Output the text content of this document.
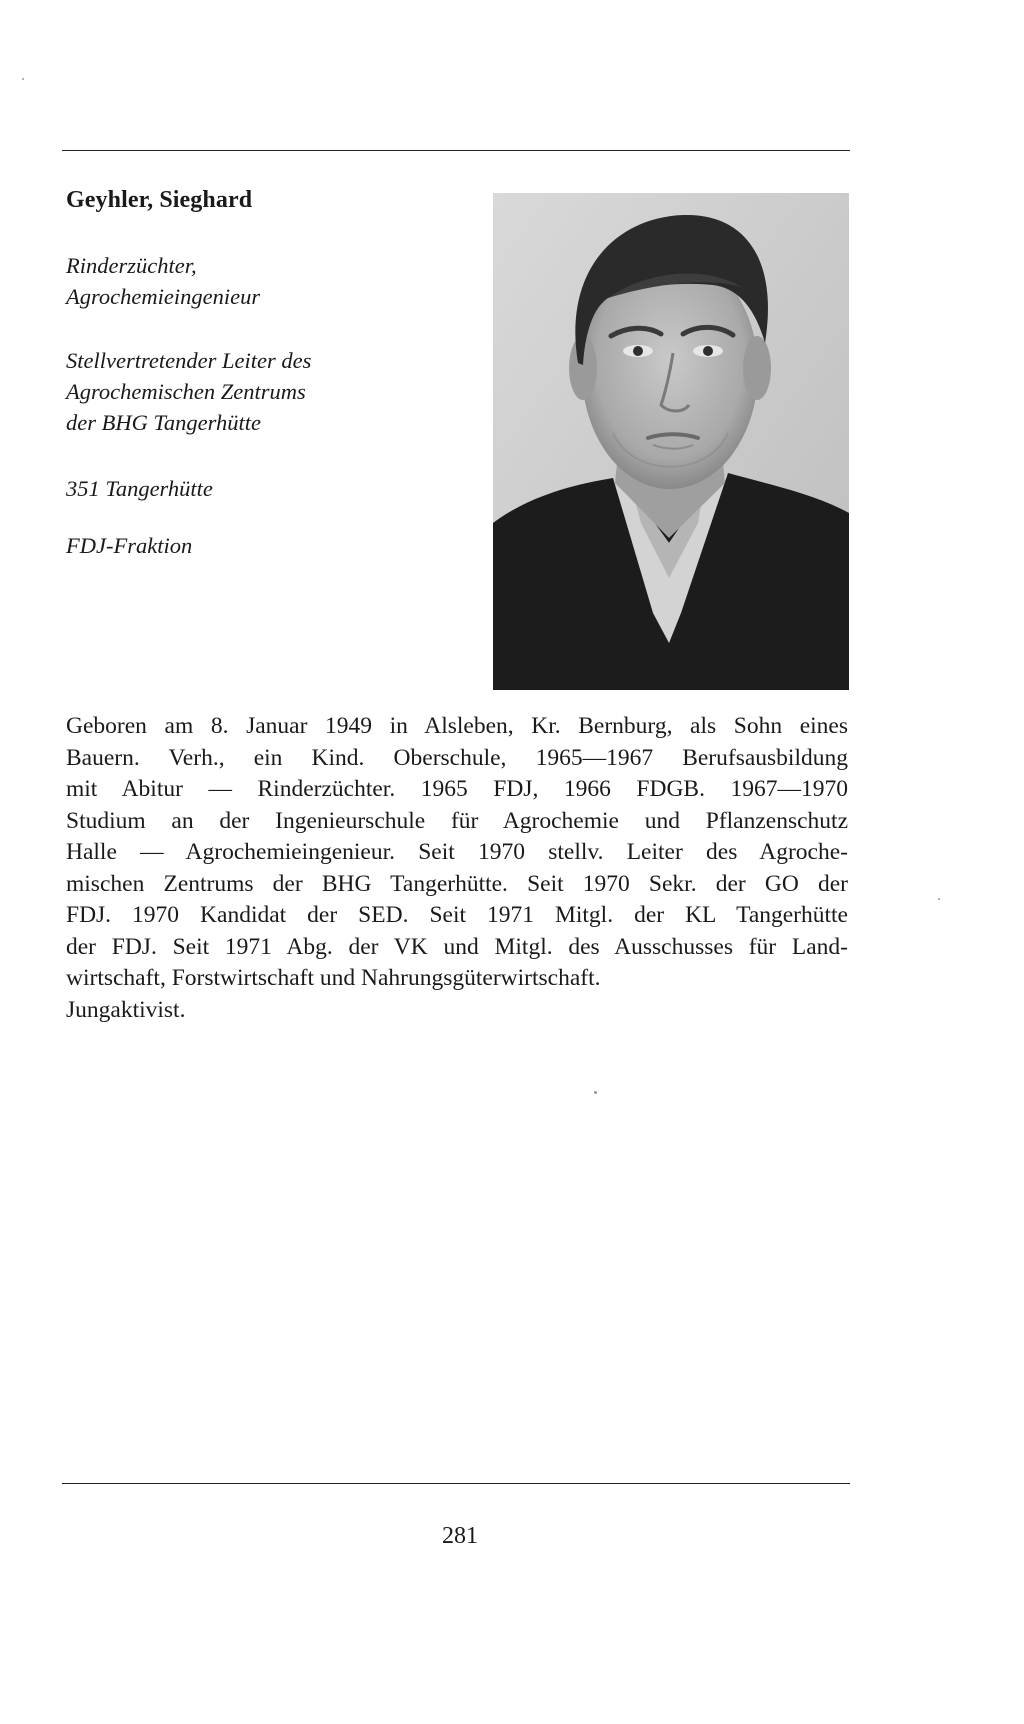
Geyhler, Sieghard
Rinderzüchter,
Agrochemieingenieur
Stellvertretender Leiter des
Agrochemischen Zentrums
der BHG Tangerhütte
351 Tangerhütte
FDJ-Fraktion
Geboren am 8. Januar 1949 in Alsleben, Kr. Bernburg, als Sohn eines
Bauern. Verh., ein Kind. Oberschule, 1965—1967 Berufsausbildung
mit Abitur — Rinderzüchter. 1965 FDJ, 1966 FDGB. 1967—1970
Studium an der Ingenieurschule für Agrochemie und Pflanzenschutz
Halle — Agrochemieingenieur. Seit 1970 stellv. Leiter des Agroche-
mischen Zentrums der BHG Tangerhütte. Seit 1970 Sekr. der GO der
FDJ. 1970 Kandidat der SED. Seit 1971 Mitgl. der KL Tangerhütte
der FDJ. Seit 1971 Abg. der VK und Mitgl. des Ausschusses für Land-
wirtschaft, Forstwirtschaft und Nahrungsgüterwirtschaft.
Jungaktivist.
281
